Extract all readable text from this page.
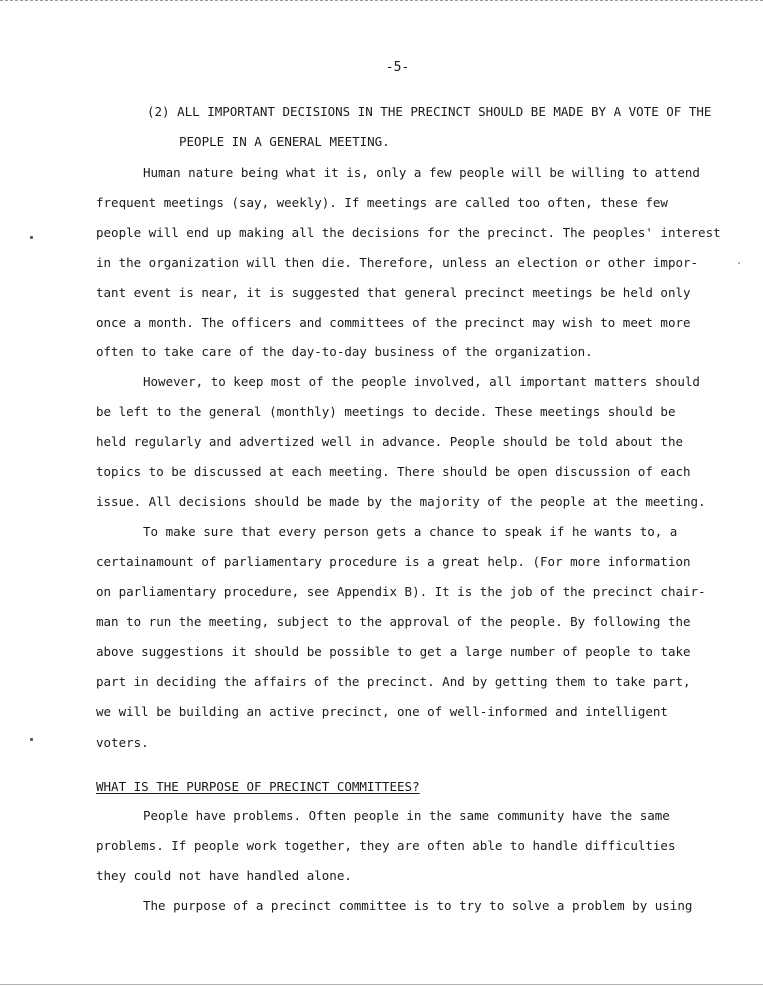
-5-
(2) ALL IMPORTANT DECISIONS IN THE PRECINCT SHOULD BE MADE BY A VOTE OF THE
PEOPLE IN A GENERAL MEETING.
Human nature being what it is, only a few people will be willing to attend
frequent meetings (say, weekly). If meetings are called too often, these few
people will end up making all the decisions for the precinct. The peoples' interest
in the organization will then die. Therefore, unless an election or other impor-
tant event is near, it is suggested that general precinct meetings be held only
once a month. The officers and committees of the precinct may wish to meet more
often to take care of the day-to-day business of the organization.
However, to keep most of the people involved, all important matters should
be left to the general (monthly) meetings to decide. These meetings should be
held regularly and advertized well in advance. People should be told about the
topics to be discussed at each meeting. There should be open discussion of each
issue. All decisions should be made by the majority of the people at the meeting.
To make sure that every person gets a chance to speak if he wants to, a
certainamount of parliamentary procedure is a great help. (For more information
on parliamentary procedure, see Appendix B). It is the job of the precinct chair-
man to run the meeting, subject to the approval of the people. By following the
above suggestions it should be possible to get a large number of people to take
part in deciding the affairs of the precinct. And by getting them to take part,
we will be building an active precinct, one of well-informed and intelligent
voters.
WHAT IS THE PURPOSE OF PRECINCT COMMITTEES?
People have problems. Often people in the same community have the same
problems. If people work together, they are often able to handle difficulties
they could not have handled alone.
The purpose of a precinct committee is to try to solve a problem by using
